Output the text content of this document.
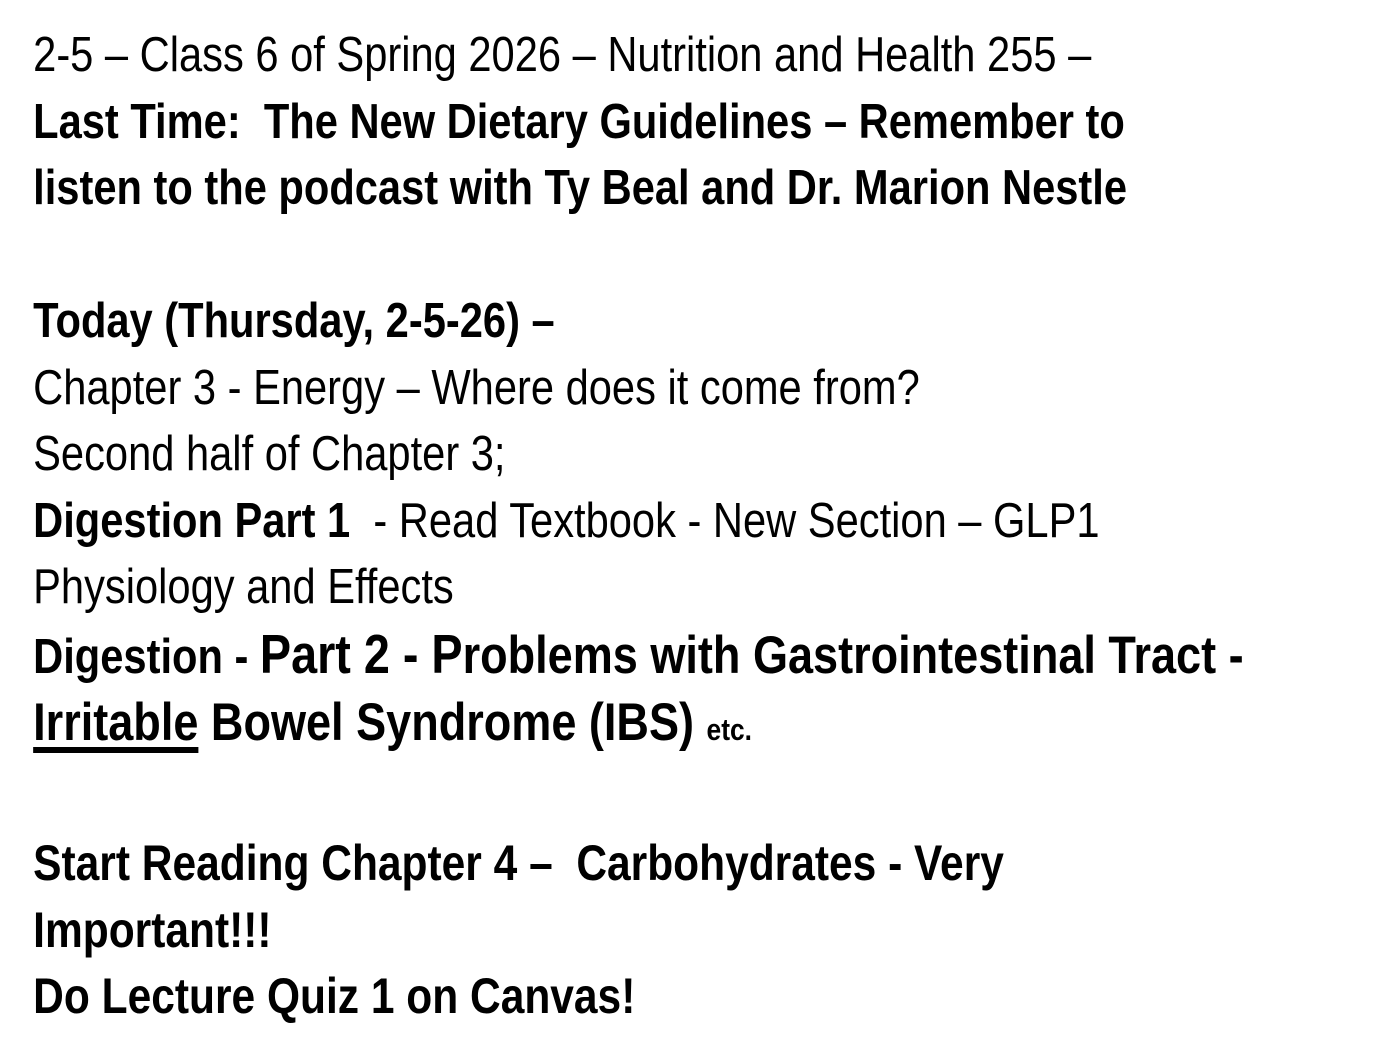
2-5 – Class 6 of Spring 2026 – Nutrition and Health 255 –
Last Time:  The New Dietary Guidelines – Remember to
listen to the podcast with Ty Beal and Dr. Marion Nestle
Today (Thursday, 2-5-26) –
Chapter 3 - Energy – Where does it come from?
Second half of Chapter 3;
Digestion Part 1  - Read Textbook - New Section – GLP1
Physiology and Effects
Digestion - Part 2 - Problems with Gastrointestinal Tract -
Irritable Bowel Syndrome (IBS) etc.
Start Reading Chapter 4 –  Carbohydrates - Very
Important!!!
Do Lecture Quiz 1 on Canvas!
